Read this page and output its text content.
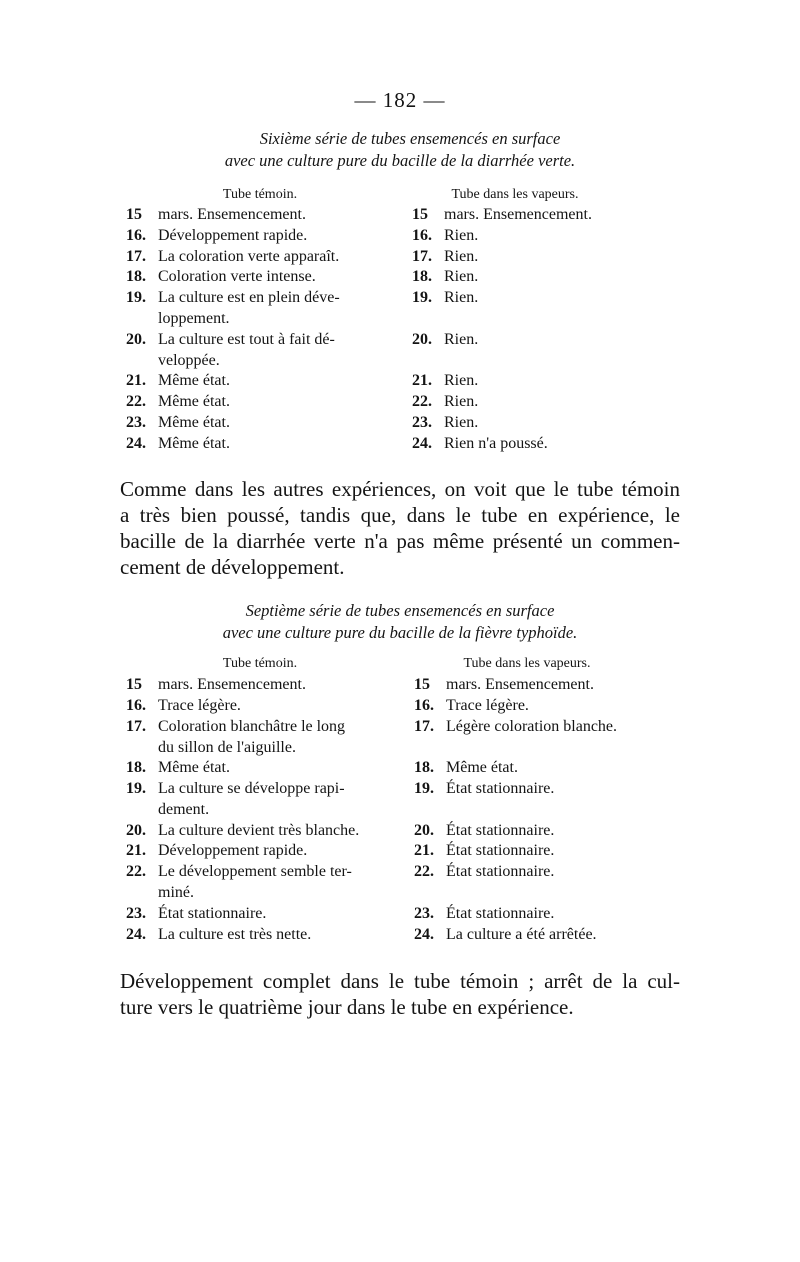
— 182 —
Sixième série de tubes ensemencés en surface
avec une culture pure du bacille de la diarrhée verte.
Tube témoin.	Tube dans les vapeurs.
15 mars. Ensemencement.
16. Développement rapide.
17. La coloration verte apparaît.
18. Coloration verte intense.
19. La culture est en plein déve-
loppement.
20. La culture est tout à fait dé-
veloppée.
21. Même état.
22. Même état.
23. Même état.
24. Même état.
15 mars. Ensemencement.
16. Rien.
17. Rien.
18. Rien.
19. Rien.
20. Rien.
21. Rien.
22. Rien.
23. Rien.
24. Rien n'a poussé.
Comme dans les autres expériences, on voit que le tube témoin
a très bien poussé, tandis que, dans le tube en expérience, le
bacille de la diarrhée verte n'a pas même présenté un commen-
cement de développement.
Septième série de tubes ensemencés en surface
avec une culture pure du bacille de la fièvre typhoïde.
Tube témoin.	Tube dans les vapeurs.
15 mars. Ensemencement.
16. Trace légère.
17. Coloration blanchâtre le long
du sillon de l'aiguille.
18. Même état.
19. La culture se développe rapi-
dement.
20. La culture devient très blanche.
21. Développement rapide.
22. Le développement semble ter-
miné.
23. État stationnaire.
24. La culture est très nette.
15 mars. Ensemencement.
16. Trace légère.
17. Légère coloration blanche.
18. Même état.
19. État stationnaire.
20. État stationnaire.
21. État stationnaire.
22. État stationnaire.
23. État stationnaire.
24. La culture a été arrêtée.
Développement complet dans le tube témoin ; arrêt de la cul-
ture vers le quatrième jour dans le tube en expérience.
